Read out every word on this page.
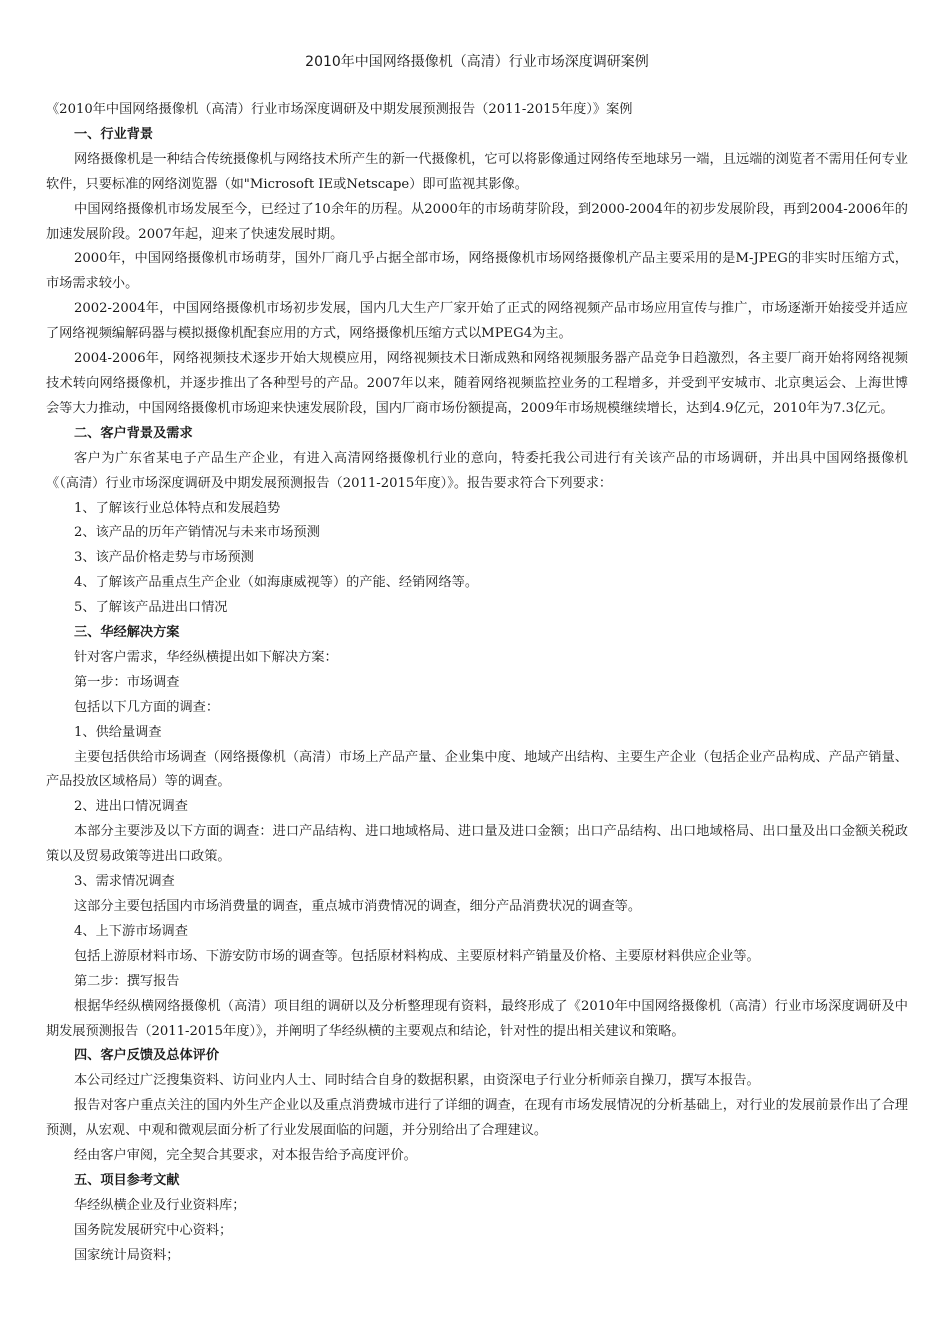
2010年中国网络摄像机（高清）行业市场深度调研案例

《2010年中国网络摄像机（高清）行业市场深度调研及中期发展预测报告（2011-2015年度）》案例

一、行业背景

网络摄像机是一种结合传统摄像机与网络技术所产生的新一代摄像机，它可以将影像通过网络传至地球另一端，且远端的浏览者不需用任何专业软件，只要标准的网络浏览器（如"Microsoft IE或Netscape）即可监视其影像。

中国网络摄像机市场发展至今，已经过了10余年的历程。从2000年的市场萌芽阶段，到2000-2004年的初步发展阶段，再到2004-2006年的加速发展阶段。2007年起，迎来了快速发展时期。

2000年，中国网络摄像机市场萌芽，国外厂商几乎占据全部市场，网络摄像机市场网络摄像机产品主要采用的是M-JPEG的非实时压缩方式，市场需求较小。

2002-2004年，中国网络摄像机市场初步发展，国内几大生产厂家开始了正式的网络视频产品市场应用宣传与推广，市场逐渐开始接受并适应了网络视频编解码器与模拟摄像机配套应用的方式，网络摄像机压缩方式以MPEG4为主。

2004-2006年，网络视频技术逐步开始大规模应用，网络视频技术日渐成熟和网络视频服务器产品竞争日趋激烈，各主要厂商开始将网络视频技术转向网络摄像机，并逐步推出了各种型号的产品。2007年以来，随着网络视频监控业务的工程增多，并受到平安城市、北京奥运会、上海世博会等大力推动，中国网络摄像机市场迎来快速发展阶段，国内厂商市场份额提高，2009年市场规模继续增长，达到4.9亿元，2010年为7.3亿元。

二、客户背景及需求

客户为广东省某电子产品生产企业，有进入高清网络摄像机行业的意向，特委托我公司进行有关该产品的市场调研，并出具中国网络摄像机《（高清）行业市场深度调研及中期发展预测报告（2011-2015年度）》。报告要求符合下列要求：

1、了解该行业总体特点和发展趋势

2、该产品的历年产销情况与未来市场预测

3、该产品价格走势与市场预测

4、了解该产品重点生产企业（如海康威视等）的产能、经销网络等。

5、了解该产品进出口情况

三、华经解决方案

针对客户需求，华经纵横提出如下解决方案：

第一步：市场调查

包括以下几方面的调查：

1、供给量调查

主要包括供给市场调查（网络摄像机（高清）市场上产品产量、企业集中度、地域产出结构、主要生产企业（包括企业产品构成、产品产销量、产品投放区域格局）等的调查。

2、进出口情况调查

本部分主要涉及以下方面的调查：进口产品结构、进口地域格局、进口量及进口金额；出口产品结构、出口地域格局、出口量及出口金额关税政策以及贸易政策等进出口政策。

3、需求情况调查

这部分主要包括国内市场消费量的调查，重点城市消费情况的调查，细分产品消费状况的调查等。

4、上下游市场调查

包括上游原材料市场、下游安防市场的调查等。包括原材料构成、主要原材料产销量及价格、主要原材料供应企业等。

第二步：撰写报告

根据华经纵横网络摄像机（高清）项目组的调研以及分析整理现有资料，最终形成了《2010年中国网络摄像机（高清）行业市场深度调研及中期发展预测报告（2011-2015年度）》，并阐明了华经纵横的主要观点和结论，针对性的提出相关建议和策略。

四、客户反馈及总体评价

本公司经过广泛搜集资料、访问业内人士、同时结合自身的数据积累，由资深电子行业分析师亲自操刀，撰写本报告。

报告对客户重点关注的国内外生产企业以及重点消费城市进行了详细的调查，在现有市场发展情况的分析基础上，对行业的发展前景作出了合理预测，从宏观、中观和微观层面分析了行业发展面临的问题，并分别给出了合理建议。

经由客户审阅，完全契合其要求，对本报告给予高度评价。

五、项目参考文献

华经纵横企业及行业资料库；

国务院发展研究中心资料；

国家统计局资料；
